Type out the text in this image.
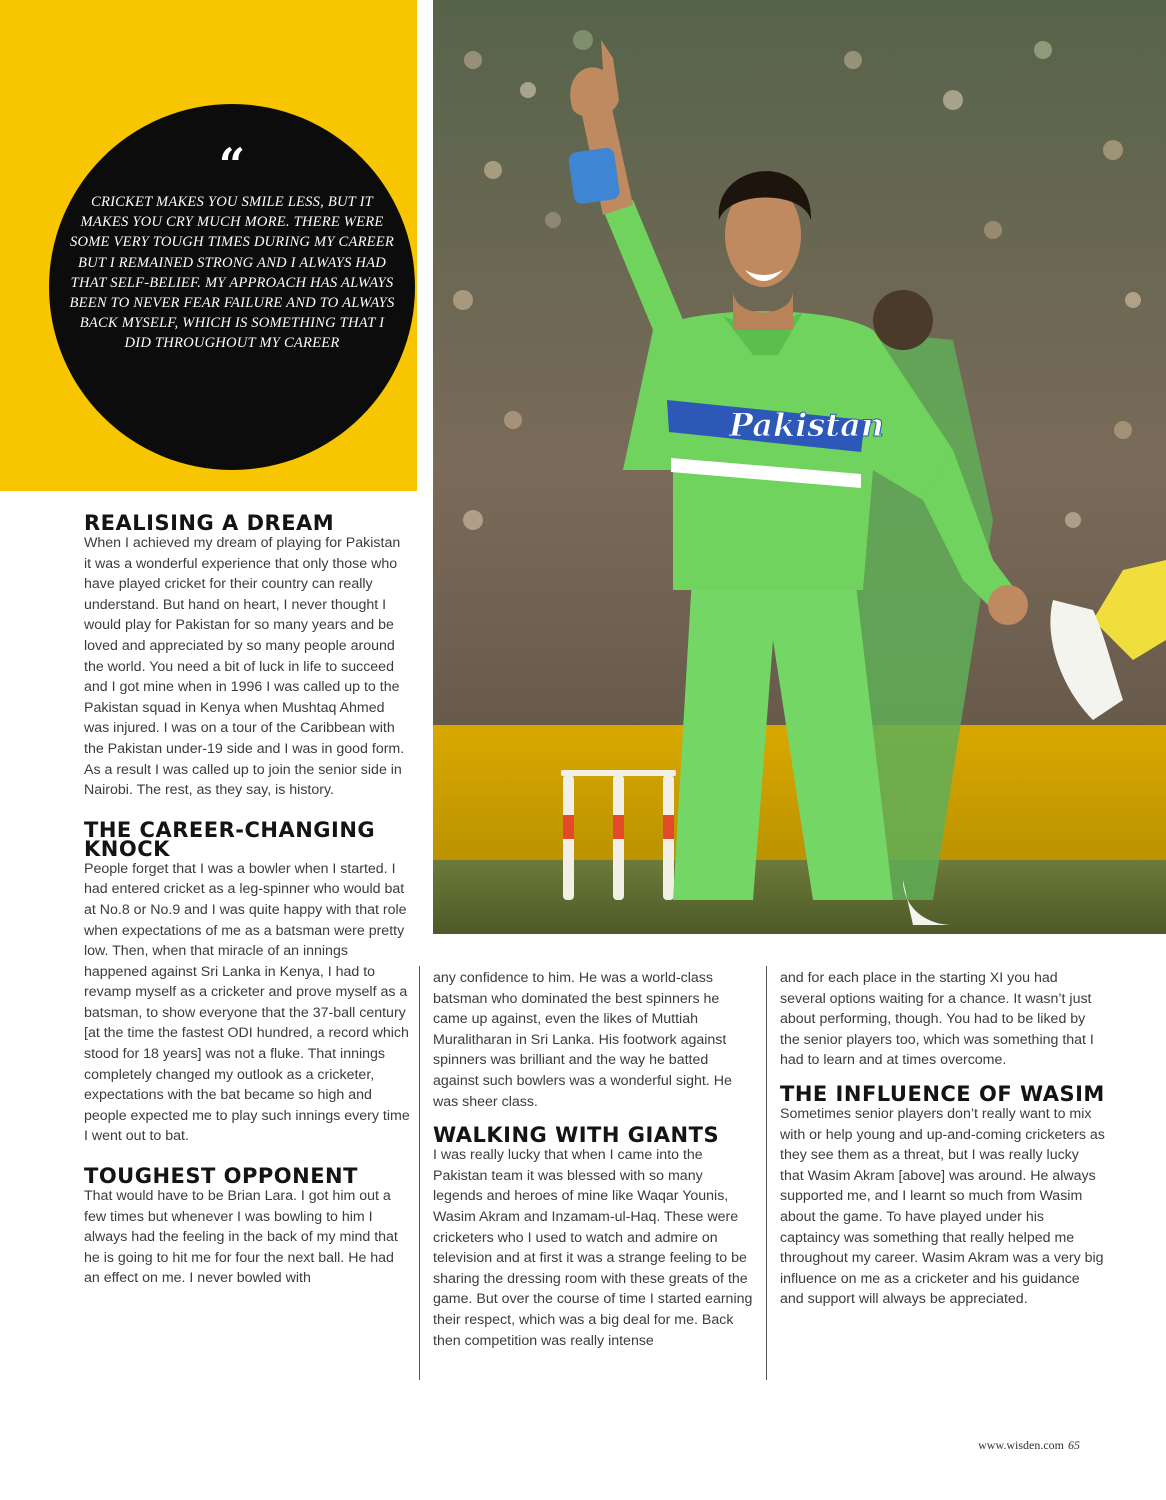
“

CRICKET MAKES YOU SMILE LESS, BUT IT MAKES YOU CRY MUCH MORE. THERE WERE SOME VERY TOUGH TIMES DURING MY CAREER BUT I REMAINED STRONG AND I ALWAYS HAD THAT SELF-BELIEF. MY APPROACH HAS ALWAYS BEEN TO NEVER FEAR FAILURE AND TO ALWAYS BACK MYSELF, WHICH IS SOMETHING THAT I DID THROUGHOUT MY CAREER

Pakistan
REALISING A DREAM

When I achieved my dream of playing for Pakistan it was a wonderful experience that only those who have played cricket for their country can really understand. But hand on heart, I never thought I would play for Pakistan for so many years and be loved and appreciated by so many people around the world. You need a bit of luck in life to succeed and I got mine when in 1996 I was called up to the Pakistan squad in Kenya when Mushtaq Ahmed was injured. I was on a tour of the Caribbean with the Pakistan under-19 side and I was in good form. As a result I was called up to join the senior side in Nairobi. The rest, as they say, is history.

THE CAREER-CHANGING KNOCK

People forget that I was a bowler when I started. I had entered cricket as a leg-spinner who would bat at No.8 or No.9 and I was quite happy with that role when expectations of me as a batsman were pretty low. Then, when that miracle of an innings happened against Sri Lanka in Kenya, I had to revamp myself as a cricketer and prove myself as a batsman, to show everyone that the 37-ball century [at the time the fastest ODI hundred, a record which stood for 18 years] was not a fluke. That innings completely changed my outlook as a cricketer, expectations with the bat became so high and people expected me to play such innings every time I went out to bat.

TOUGHEST OPPONENT

That would have to be Brian Lara. I got him out a few times but whenever I was bowling to him I always had the feeling in the back of my mind that he is going to hit me for four the next ball. He had an effect on me. I never bowled with

any confidence to him. He was a world-class batsman who dominated the best spinners he came up against, even the likes of Muttiah Muralitharan in Sri Lanka. His footwork against spinners was brilliant and the way he batted against such bowlers was a wonderful sight. He was sheer class.

WALKING WITH GIANTS

I was really lucky that when I came into the Pakistan team it was blessed with so many legends and heroes of mine like Waqar Younis, Wasim Akram and Inzamam-ul-Haq. These were cricketers who I used to watch and admire on television and at first it was a strange feeling to be sharing the dressing room with these greats of the game. But over the course of time I started earning their respect, which was a big deal for me. Back then competition was really intense

and for each place in the starting XI you had several options waiting for a chance. It wasn’t just about performing, though. You had to be liked by the senior players too, which was something that I had to learn and at times overcome.

THE INFLUENCE OF WASIM

Sometimes senior players don’t really want to mix with or help young and up-and-coming cricketers as they see them as a threat, but I was really lucky that Wasim Akram [above] was around. He always supported me, and I learnt so much from Wasim about the game. To have played under his captaincy was something that really helped me throughout my career. Wasim Akram was a very big influence on me as a cricketer and his guidance and support will always be appreciated.

www.wisden.com 65
